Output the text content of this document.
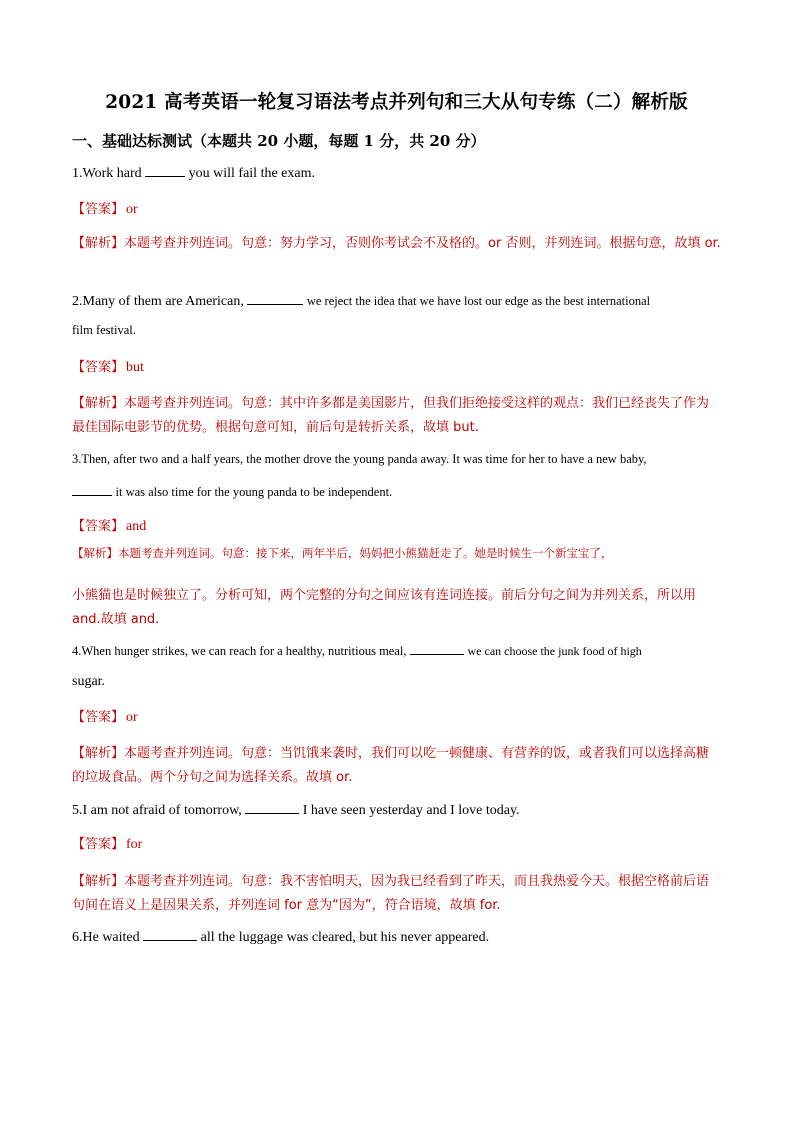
2021 高考英语一轮复习语法考点并列句和三大从句专练（二）解析版
一、基础达标测试（本题共 20 小题，每题 1 分，共 20 分）
1.Work hard	you will fail the exam.
【答案】 or
【解析】本题考查并列连词。句意：努力学习，否则你考试会不及格的。or 否则，并列连词。根据句意，故填 or.
2.Many of them are American,	we reject the idea that we have lost our edge as the best international
film festival.
【答案】 but
【解析】本题考查并列连词。句意：其中许多都是美国影片，但我们拒绝接受这样的观点：我们已经丧失了作为最佳国际电影节的优势。根据句意可知，前后句是转折关系，故填 but.
3.Then, after two and a half years, the mother drove the young panda away. It was time for her to have a new baby,
it was also time for the young panda to be independent.
【答案】 and
【解析】本题考查并列连词。句意：接下来，两年半后，妈妈把小熊猫赶走了。她是时候生一个新宝宝了，
小熊猫也是时候独立了。分析可知，两个完整的分句之间应该有连词连接。前后分句之间为并列关系，所以用 and.故填 and.
4.When hunger strikes, we can reach for a healthy, nutritious meal,	we can choose the junk food of high
sugar.
【答案】 or
【解析】本题考查并列连词。句意：当饥饿来袭时，我们可以吃一顿健康、有营养的饭，或者我们可以选择高糖的垃圾食品。两个分句之间为选择关系。故填 or.
5.I am not afraid of tomorrow,	I have seen yesterday and I love today.
【答案】 for
【解析】本题考查并列连词。句意：我不害怕明天，因为我已经看到了昨天，而且我热爱今天。根据空格前后语句间在语义上是因果关系，并列连词 for 意为“因为”，符合语境，故填 for.
6.He waited	all the luggage was cleared, but his never appeared.
